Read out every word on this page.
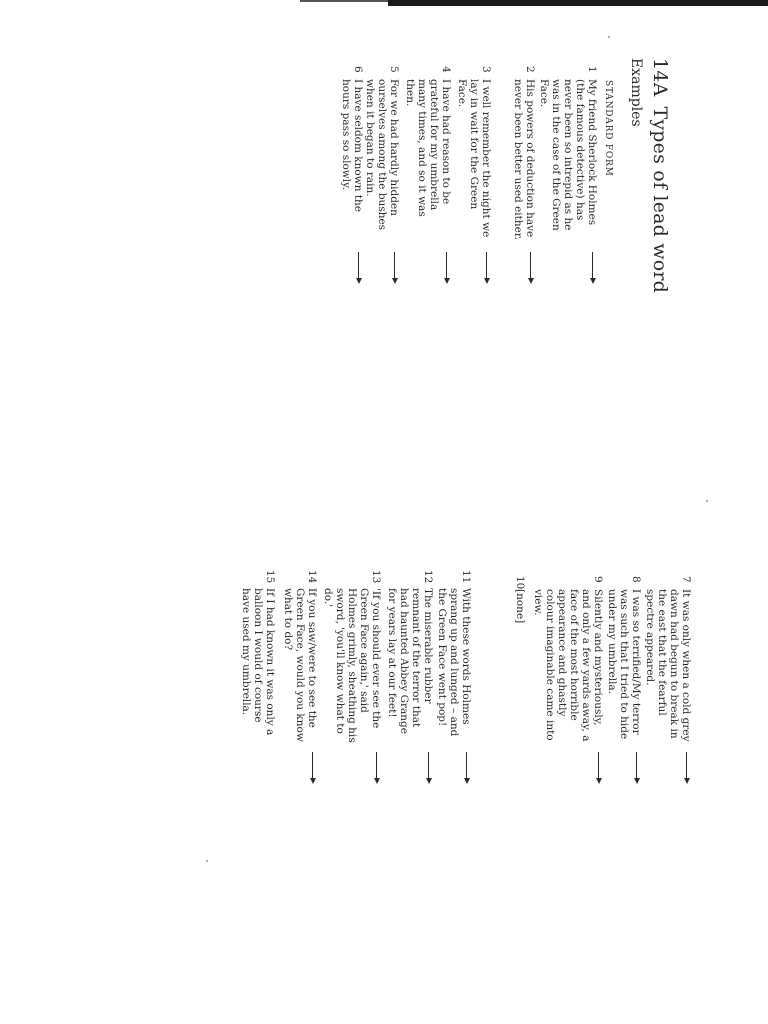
14ATypes of lead word
Examples
STANDARD FORM
1
My friend Sherlock Holmes
(the famous detective) has
never been so intrepid as he
was in the case of the Green
Face.
2
His powers of deduction have
never been better used either.
3
I well remember the night we
lay in wait for the Green
Face.
4
I have had reason to be
grateful for my umbrella
many times, and so it was
then.
5
For we had hardly hidden
ourselves among the bushes
when it began to rain.
6
I have seldom known the
hours pass so slowly.
7
It was only when a cold grey
dawn had begun to break in
the east that the fearful
spectre appeared.
8
I was so terrified/My terror
was such that I tried to hide
under my umbrella.
9
Silently and mysteriously,
and only a few yards away, a
face of the most horrible
appearance and ghastly
colour imaginable came into
view.
10
[none]
11
With these words Holmes
sprang up and lunged – and
the Green Face went pop!
12
The miserable rubber
remnant of the terror that
had haunted Abbey Grange
for years lay at our feet!
13
'If you should ever see the
Green Face again,' said
Holmes grimly, sheathing his
sword, 'you'll know what to
do.'
14
If you saw/were to see the
Green Face, would you know
what to do?
15
If I had known it was only a
balloon I would of course
have used my umbrella.
